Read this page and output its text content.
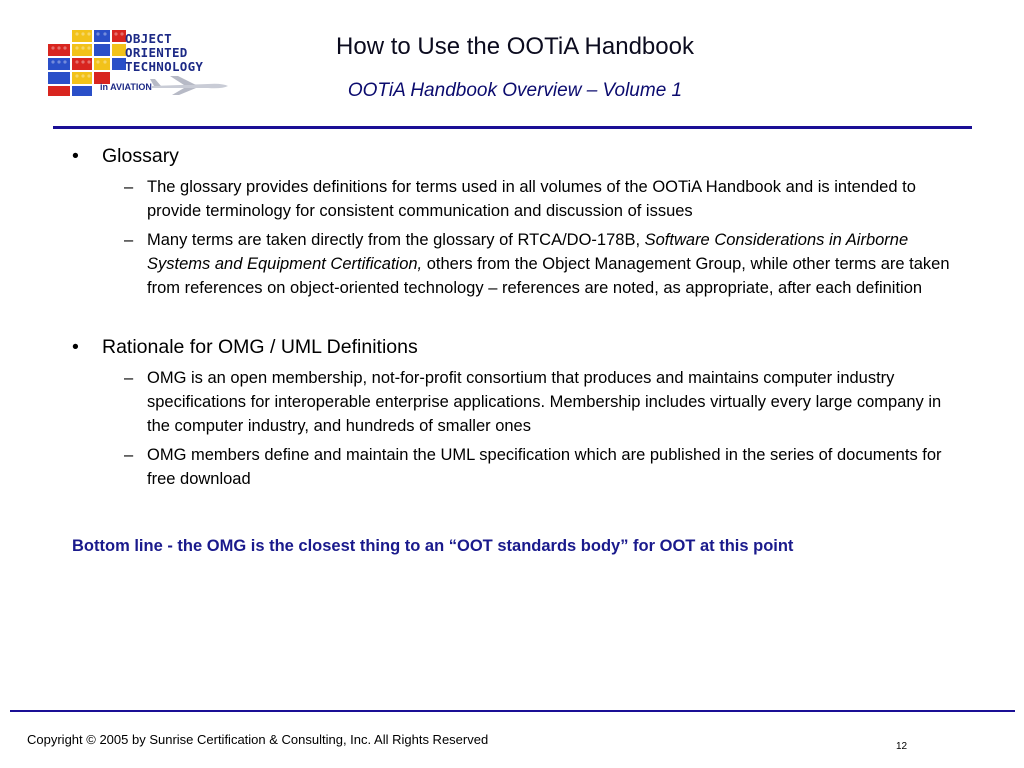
OBJECT
ORIENTED
TECHNOLOGY
in AVIATION
How to Use the OOTiA Handbook
OOTiA Handbook Overview – Volume 1
• Glossary
– The glossary provides definitions for terms used in all volumes of the OOTiA Handbook and is intended to provide terminology for consistent communication and discussion of issues
– Many terms are taken directly from the glossary of RTCA/DO-178B, Software Considerations in Airborne Systems and Equipment Certification, others from the Object Management Group, while other terms are taken from references on object-oriented technology – references are noted, as appropriate, after each definition
• Rationale for OMG / UML Definitions
– OMG is an open membership, not-for-profit consortium that produces and maintains computer industry specifications for interoperable enterprise applications. Membership includes virtually every large company in the computer industry, and hundreds of smaller ones
– OMG members define and maintain the UML specification which are published in the series of documents for free download
Bottom line - the OMG is the closest thing to an “OOT standards body” for OOT at this point
Copyright © 2005 by Sunrise Certification & Consulting, Inc. All Rights Reserved	12
